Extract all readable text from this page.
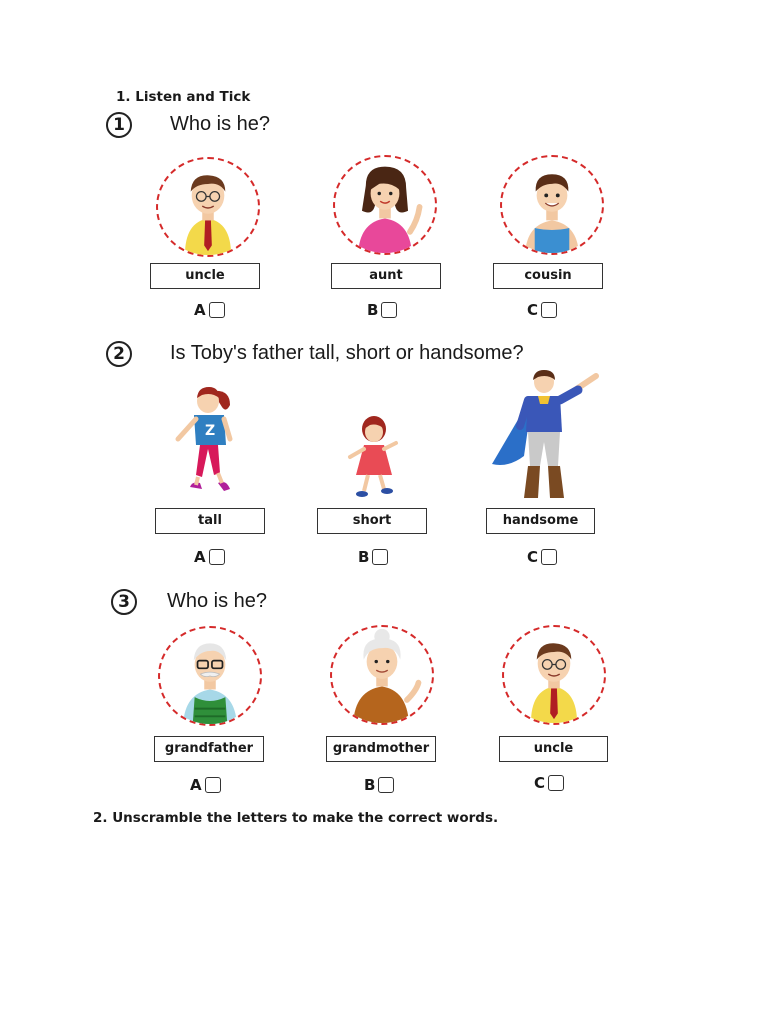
1. Listen and Tick
1	Who is he?
uncle
A
aunt
B
cousin
C
2	Is Toby's father tall, short or handsome?
Z
tall
A
short
B
handsome
C
3	Who is he?
grandfather
A
grandmother
B
uncle
C
2. Unscramble the letters to make the correct words.
